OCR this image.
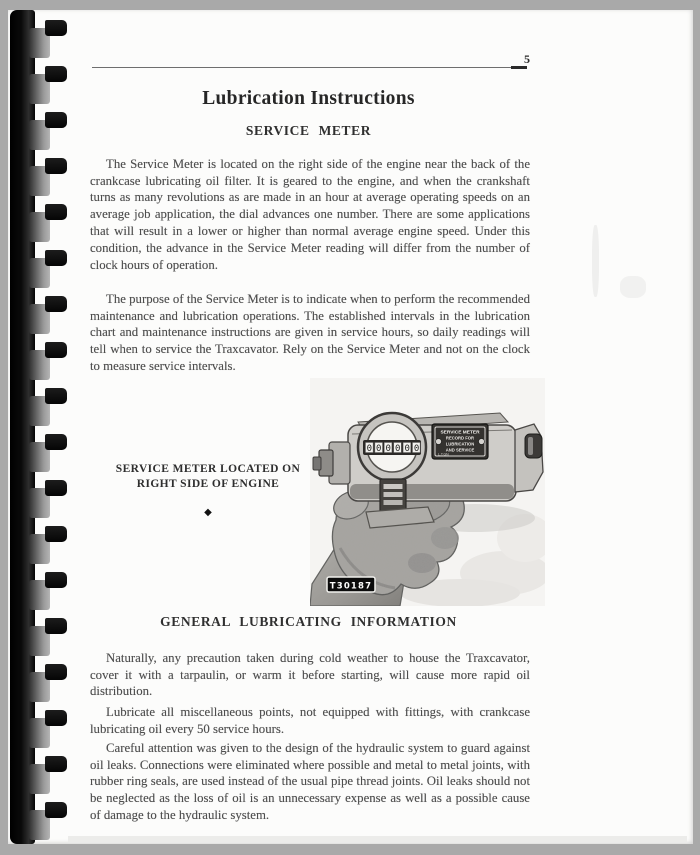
5
Lubrication Instructions
SERVICE METER

The Service Meter is located on the right side of the engine near the back of the crankcase lubricating oil filter. It is geared to the engine, and when the crankshaft turns as many revolutions as are made in an hour at average operating speeds on an average job application, the dial advances one number. There are some applications that will result in a lower or higher than normal average engine speed. Under this condition, the advance in the Service Meter reading will differ from the number of clock hours of operation.

The purpose of the Service Meter is to indicate when to perform the recommended maintenance and lubrication operations. The established intervals in the lubrication chart and maintenance instructions are given in service hours, so daily readings will tell when to service the Traxcavator. Rely on the Service Meter and not on the clock to measure service intervals.

SERVICE METER LOCATED ON
RIGHT SIDE OF ENGINE
◆
000000
SERVICE METER
RECORD FOR
LUBRICATION
AND SERVICE
L.T.GN
T30187
GENERAL LUBRICATING INFORMATION

Naturally, any precaution taken during cold weather to house the Traxcavator, cover it with a tarpaulin, or warm it before starting, will cause more rapid oil distribution.

Lubricate all miscellaneous points, not equipped with fittings, with crankcase lubricating oil every 50 service hours.

Careful attention was given to the design of the hydraulic system to guard against oil leaks. Connections were eliminated where possible and metal to metal joints, with rubber ring seals, are used instead of the usual pipe thread joints. Oil leaks should not be neglected as the loss of oil is an unnecessary expense as well as a possible cause of damage to the hydraulic system.
